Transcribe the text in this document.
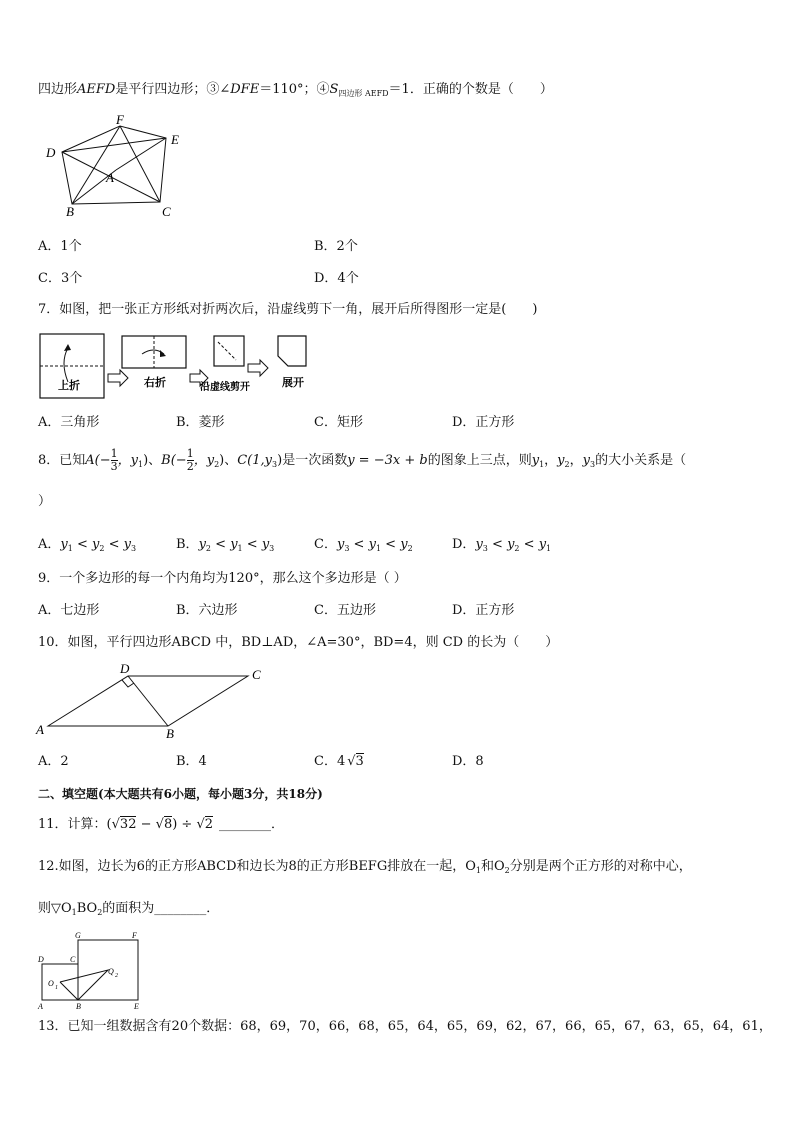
四边形AEFD是平行四边形；③∠DFE＝110°；$④S_{四边形 AEFD}=1$．正确的个数是（　　）
F
E
D
A
B	C
A．1个	B．2个
C．3个	D．4个
7．如图，把一张正方形纸对折两次后，沿虚线剪下一角，展开后所得图形一定是(　　)
上折	右折	沿虚线剪开	展开
A．三角形	B．菱形	C．矩形	D．正方形
8．已知$A(- \frac{1}{3}$ ，$y_1$)、$B(- \frac{1}{2}$ ，$y_2$)、$C(1,y_3)$是一次函数y = −3x + b的图象上三点，则$y_1$，$y_2$，$y_3$的大小关系是（
）
A．$y_1 < y_2 < y_3$	B．$y_2 < y_1 < y_3$	C．$y_3 < y_1 < y_2$	D．$y_3 < y_2 < y_1$
9．一个多边形的每一个内角均为120°，那么这个多边形是（ ）
A．七边形	B．六边形	C．五边形	D．正方形
10．如图，平行四边形ABCD 中，BD⊥AD，∠A=30°，BD=4，则 CD 的长为（　　）
D	C
A	B
A．2	B．4	C．4 √3	D．8
二、填空题(本大题共有6小题，每小题3分，共18分)
11．计算：(√32 − √8) ÷ √2 ________．
12.如图，边长为6的正方形ABCD和边长为8的正方形BEFG排放在一起，$O_1$和$O_2$分别是两个正方形的对称中心，
则$▽O_1BO_2$的面积为________．
G	F
D	C
O 1
Q 2
A	B	E
13．已知一组数据含有20个数据：68，69，70，66，68，65，64，65，69，62，67，66，65，67，63，65，64，61，
